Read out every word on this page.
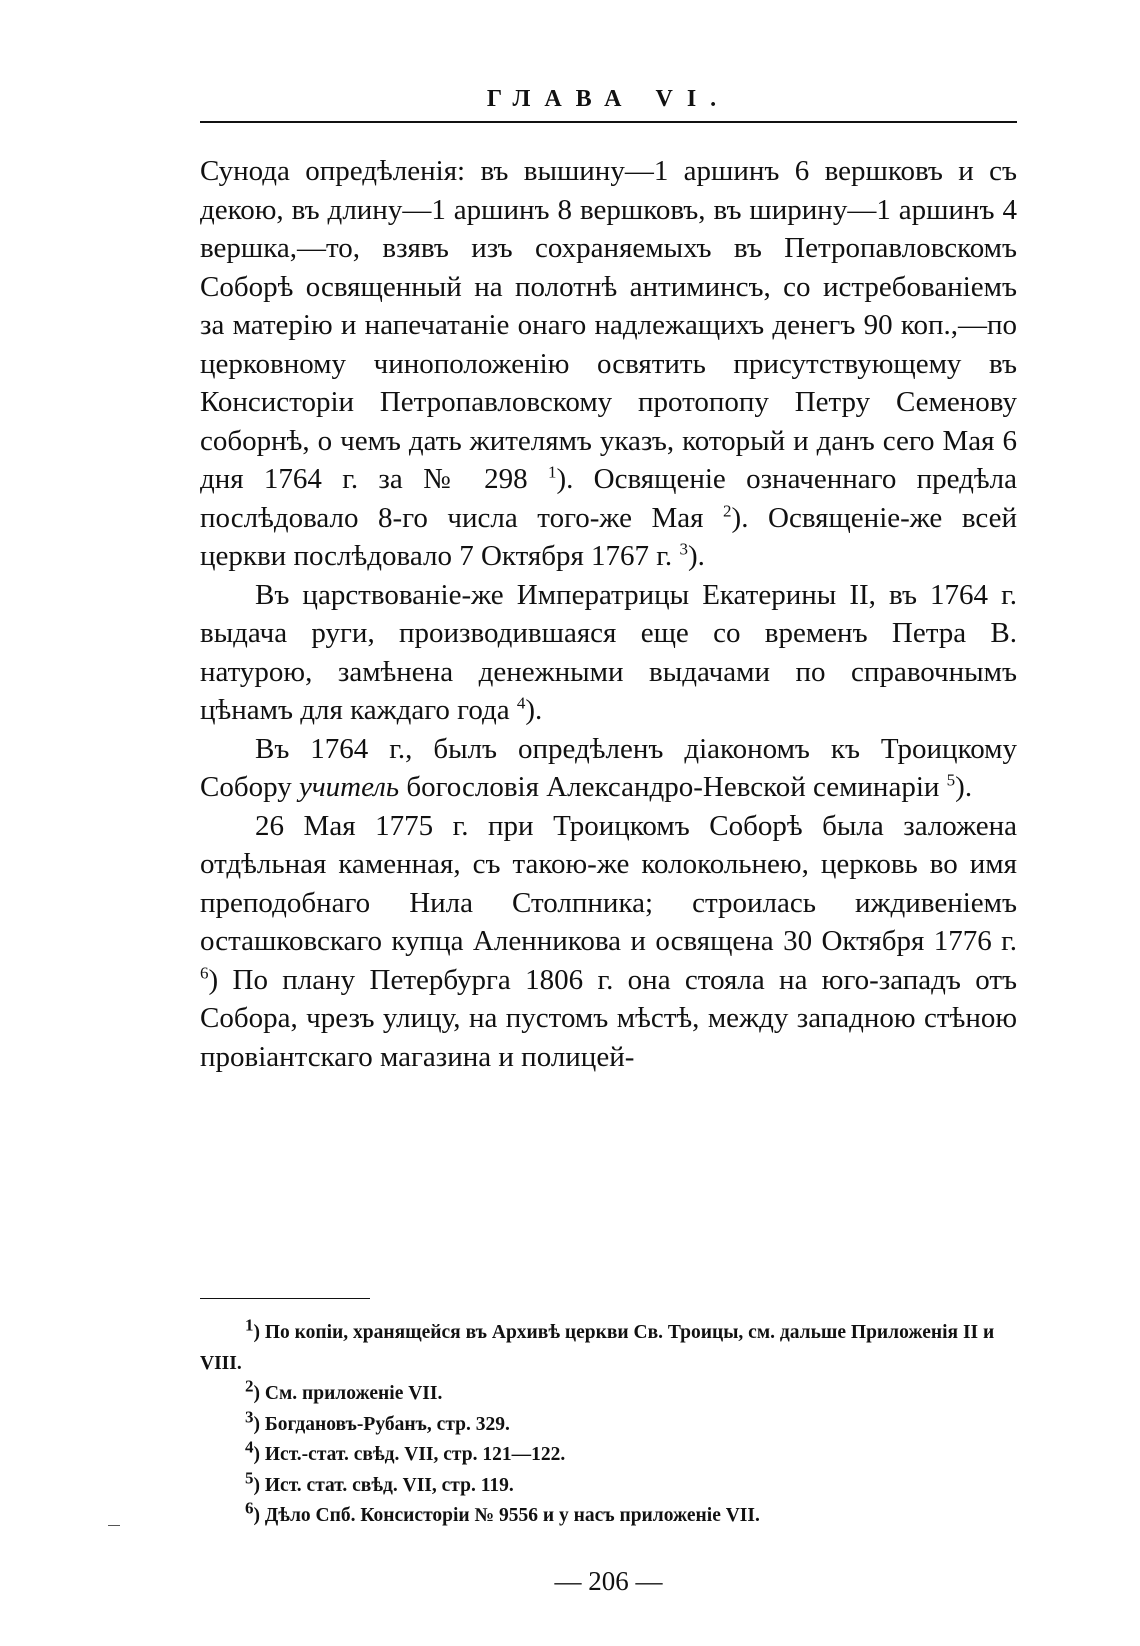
ГЛАВА VI.

Сунода опредѣленія: въ вышину—1 аршинъ 6 вершковъ и съ декою, въ длину—1 аршинъ 8 вершковъ, въ ширину—1 аршинъ 4 вершка,—то, взявъ изъ сохраняемыхъ въ Петропавловскомъ Соборѣ освященный на полотнѣ антиминсъ, со истребованіемъ за матерію и напечатаніе онаго надлежащихъ денегъ 90 коп.,—по церковному чиноположенію освятить присутствующему въ Консисторіи Петропавловскому протопопу Петру Семенову соборнѣ, о чемъ дать жителямъ указъ, который и данъ сего Мая 6 дня 1764 г. за № 298 $^1$). Освященіе означеннаго предѣла послѣдовало 8-го числа того-же Мая $^2$). Освященіе-же всей церкви послѣдовало 7 Октября 1767 г. $^3$).

Въ царствованіе-же Императрицы Екатерины II, въ 1764 г. выдача руги, производившаяся еще со временъ Петра В. натурою, замѣнена денежными выдачами по справочнымъ цѣнамъ для каждаго года $^4$).

Въ 1764 г., былъ опредѣленъ діакономъ къ Троицкому Собору учитель богословія Александро-Невской семинаріи $^5$).

26 Мая 1775 г. при Троицкомъ Соборѣ была заложена отдѣльная каменная, съ такою-же колокольнею, церковь во имя преподобнаго Нила Столпника; строилась иждивеніемъ осташковскаго купца Аленникова и освящена 30 Октября 1776 г. $^6$) По плану Петербурга 1806 г. она стояла на юго-западъ отъ Собора, чрезъ улицу, на пустомъ мѣстѣ, между западною стѣною провіантскаго магазина и полицей-

$^1$) По копіи, хранящейся въ Архивѣ церкви Св. Троицы, см. дальше Приложенія II и VIII.

$^2$) См. приложеніе VII.

$^3$) Богдановъ-Рубанъ, стр. 329.

$^4$) Ист.-стат. свѣд. VII, стр. 121—122.

$^5$) Ист. стат. свѣд. VII, стр. 119.

$^6$) Дѣло Спб. Консисторіи № 9556 и у насъ приложеніе VII.

— 206 —
